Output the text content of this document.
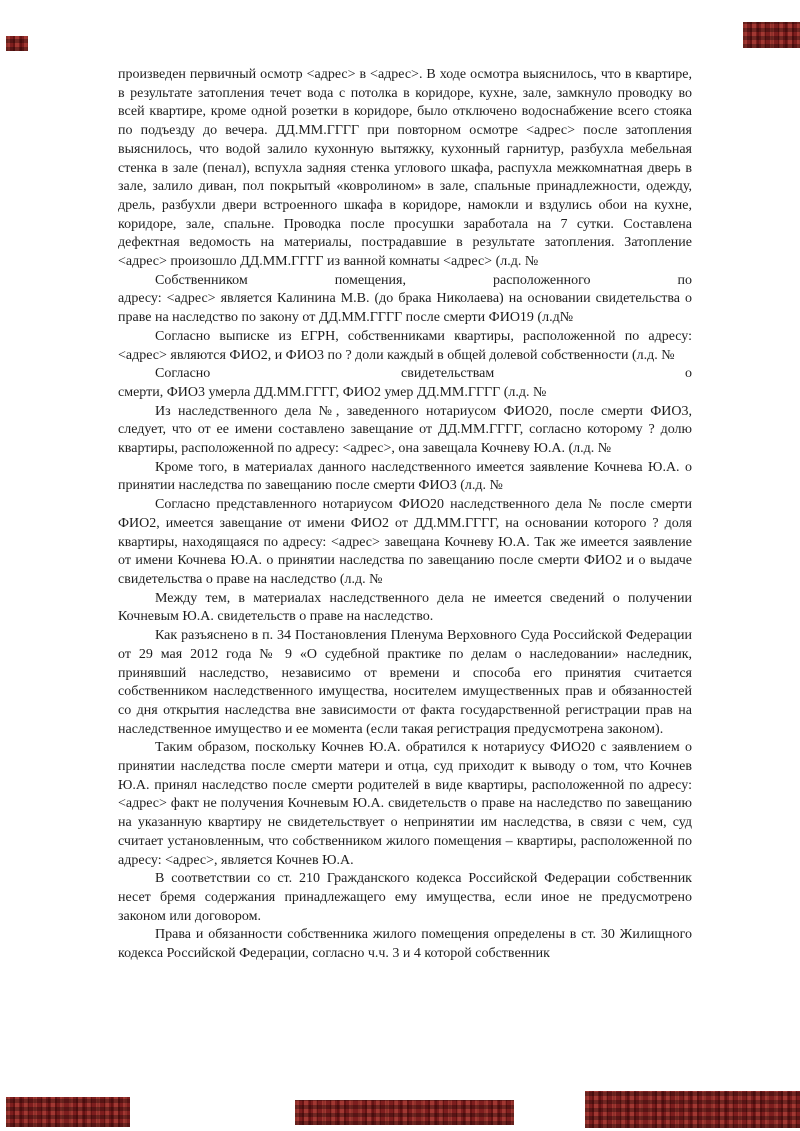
произведен первичный осмотр <адрес> в <адрес>. В ходе осмотра выяснилось, что в квартире, в результате затопления течет вода с потолка в коридоре, кухне, зале, замкнуло проводку во всей квартире, кроме одной розетки в коридоре, было отключено водоснабжение всего стояка по подъезду до вечера. ДД.ММ.ГГГГ при повторном осмотре <адрес> после затопления выяснилось, что водой залило кухонную вытяжку, кухонный гарнитур, разбухла мебельная стенка в зале (пенал), вспухла задняя стенка углового шкафа, распухла межкомнатная дверь в зале, залило диван, пол покрытый «ковролином» в зале, спальные принадлежности, одежду, дрель, разбухли двери встроенного шкафа в коридоре, намокли и вздулись обои на кухне, коридоре, зале, спальне. Проводка после просушки заработала на 7 сутки. Составлена дефектная ведомость на материалы, пострадавшие в результате затопления. Затопление <адрес> произошло ДД.ММ.ГГГГ из ванной комнаты <адрес> (л.д. №

Собственником помещения, расположенного по
адресу: <адрес> является Калинина М.В. (до брака Николаева) на основании свидетельства о праве на наследство по закону от ДД.ММ.ГГГГ после смерти ФИО19 (л.д№

Согласно выписке из ЕГРН, собственниками квартиры, расположенной по адресу: <адрес> являются ФИО2, и ФИО3 по ? доли каждый в общей долевой собственности (л.д. №

Согласно свидетельствам о
смерти, ФИО3 умерла ДД.ММ.ГГГГ, ФИО2 умер ДД.ММ.ГГГГ (л.д. №

Из наследственного дела №, заведенного нотариусом ФИО20, после смерти ФИО3, следует, что от ее имени составлено завещание от ДД.ММ.ГГГГ, согласно которому ? долю квартиры, расположенной по адресу: <адрес>, она завещала Кочневу Ю.А. (л.д. №

Кроме того, в материалах данного наследственного имеется заявление Кочнева Ю.А. о принятии наследства по завещанию после смерти ФИО3 (л.д. №

Согласно представленного нотариусом ФИО20 наследственного дела № после смерти ФИО2, имеется завещание от имени ФИО2 от ДД.ММ.ГГГГ, на основании которого ? доля квартиры, находящаяся по адресу: <адрес> завещана Кочневу Ю.А. Так же имеется заявление от имени Кочнева Ю.А. о принятии наследства по завещанию после смерти ФИО2 и о выдаче свидетельства о праве на наследство (л.д. №

Между тем, в материалах наследственного дела не имеется сведений о получении Кочневым Ю.А. свидетельств о праве на наследство.

Как разъяснено в п. 34 Постановления Пленума Верховного Суда Российской Федерации от 29 мая 2012 года № 9 «О судебной практике по делам о наследовании» наследник, принявший наследство, независимо от времени и способа его принятия считается собственником наследственного имущества, носителем имущественных прав и обязанностей со дня открытия наследства вне зависимости от факта государственной регистрации прав на наследственное имущество и ее момента (если такая регистрация предусмотрена законом).

Таким образом, поскольку Кочнев Ю.А. обратился к нотариусу ФИО20 с заявлением о принятии наследства после смерти матери и отца, суд приходит к выводу о том, что Кочнев Ю.А. принял наследство после смерти родителей в виде квартиры, расположенной по адресу: <адрес> факт не получения Кочневым Ю.А. свидетельств о праве на наследство по завещанию на указанную квартиру не свидетельствует о непринятии им наследства, в связи с чем, суд считает установленным, что собственником жилого помещения – квартиры, расположенной по адресу: <адрес>, является Кочнев Ю.А.

В соответствии со ст. 210 Гражданского кодекса Российской Федерации собственник несет бремя содержания принадлежащего ему имущества, если иное не предусмотрено законом или договором.

Права и обязанности собственника жилого помещения определены в ст. 30 Жилищного кодекса Российской Федерации, согласно ч.ч. 3 и 4 которой собственник
